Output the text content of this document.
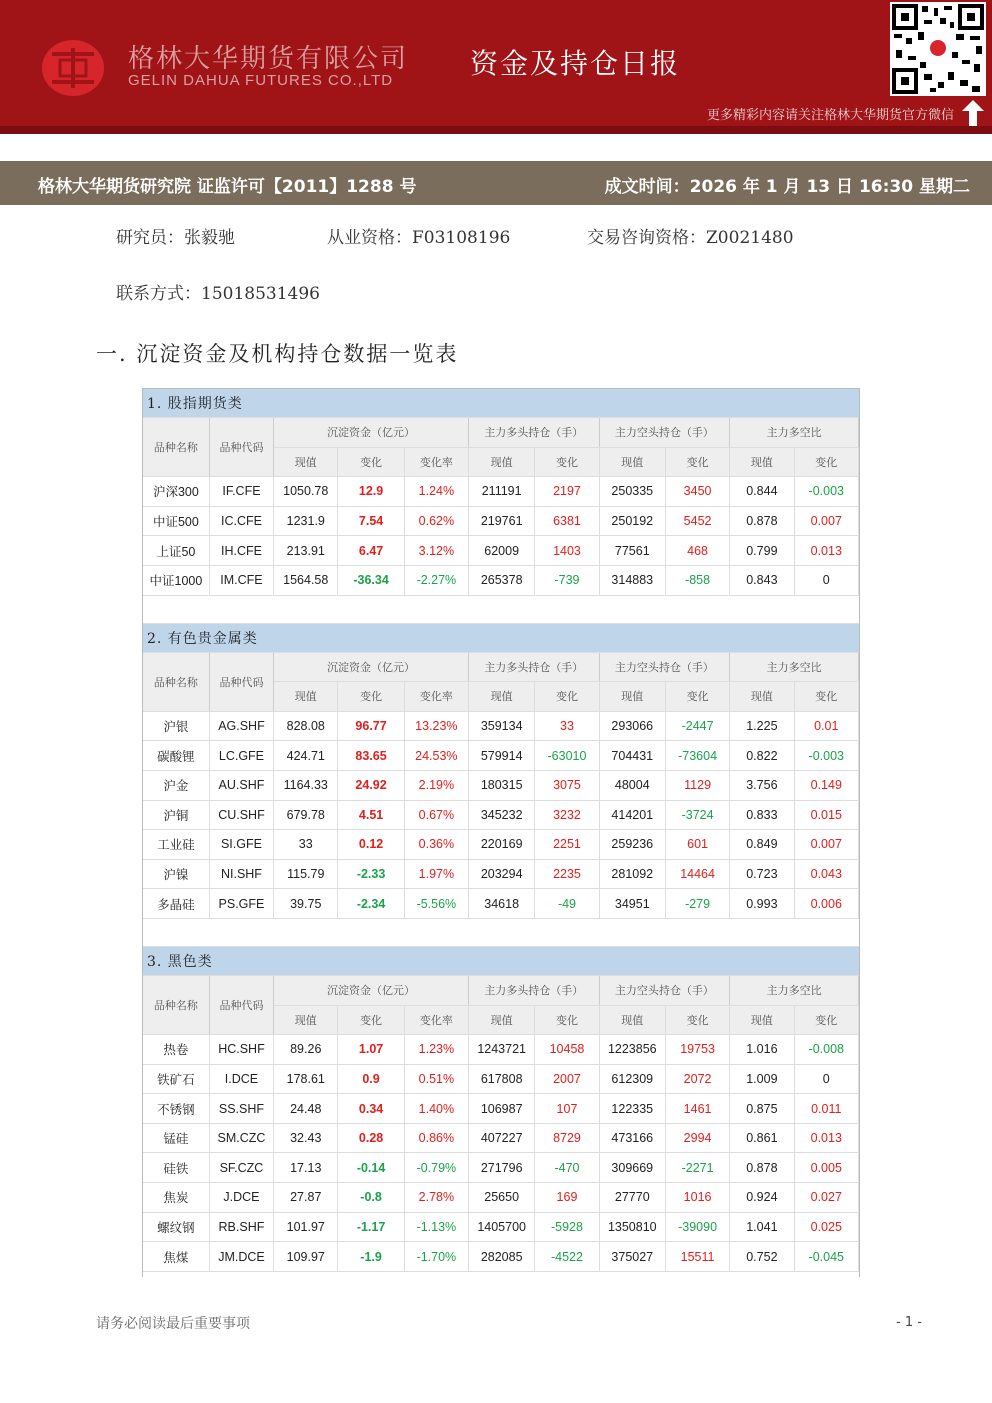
格林大华期货有限公司
GELIN DAHUA FUTURES CO.,LTD
资金及持仓日报
更多精彩内容请关注格林大华期货官方微信
格林大华期货研究院 证监许可【2011】1288 号	成文时间：2026 年 1 月 13 日 16:30 星期二
研究员：张毅驰	从业资格：F03108196	交易咨询资格：Z0021480
联系方式：15018531496
一. 沉淀资金及机构持仓数据一览表
1. 股指期货类										
品种名称	品种代码	沉淀资金（亿元）			主力多头持仓（手）		主力空头持仓（手）		主力多空比	
		现值	变化	变化率	现值	变化	现值	变化	现值	变化
沪深300	IF.CFE	1050.78	12.9	1.24%	211191	2197	250335	3450	0.844	-0.003
中证500	IC.CFE	1231.9	7.54	0.62%	219761	6381	250192	5452	0.878	0.007
上证50	IH.CFE	213.91	6.47	3.12%	62009	1403	77561	468	0.799	0.013
中证1000	IM.CFE	1564.58	-36.34	-2.27%	265378	-739	314883	-858	0.843	0

2. 有色贵金属类										
品种名称	品种代码	沉淀资金（亿元）			主力多头持仓（手）		主力空头持仓（手）		主力多空比	
		现值	变化	变化率	现值	变化	现值	变化	现值	变化
沪银	AG.SHF	828.08	96.77	13.23%	359134	33	293066	-2447	1.225	0.01
碳酸锂	LC.GFE	424.71	83.65	24.53%	579914	-63010	704431	-73604	0.822	-0.003
沪金	AU.SHF	1164.33	24.92	2.19%	180315	3075	48004	1129	3.756	0.149
沪铜	CU.SHF	679.78	4.51	0.67%	345232	3232	414201	-3724	0.833	0.015
工业硅	SI.GFE	33	0.12	0.36%	220169	2251	259236	601	0.849	0.007
沪镍	NI.SHF	115.79	-2.33	1.97%	203294	2235	281092	14464	0.723	0.043
多晶硅	PS.GFE	39.75	-2.34	-5.56%	34618	-49	34951	-279	0.993	0.006

3. 黑色类										
品种名称	品种代码	沉淀资金（亿元）			主力多头持仓（手）		主力空头持仓（手）		主力多空比	
		现值	变化	变化率	现值	变化	现值	变化	现值	变化
热卷	HC.SHF	89.26	1.07	1.23%	1243721	10458	1223856	19753	1.016	-0.008
铁矿石	I.DCE	178.61	0.9	0.51%	617808	2007	612309	2072	1.009	0
不锈钢	SS.SHF	24.48	0.34	1.40%	106987	107	122335	1461	0.875	0.011
锰硅	SM.CZC	32.43	0.28	0.86%	407227	8729	473166	2994	0.861	0.013
硅铁	SF.CZC	17.13	-0.14	-0.79%	271796	-470	309669	-2271	0.878	0.005
焦炭	J.DCE	27.87	-0.8	2.78%	25650	169	27770	1016	0.924	0.027
螺纹钢	RB.SHF	101.97	-1.17	-1.13%	1405700	-5928	1350810	-39090	1.041	0.025
焦煤	JM.DCE	109.97	-1.9	-1.70%	282085	-4522	375027	15511	0.752	-0.045
请务必阅读最后重要事项	- 1 -
